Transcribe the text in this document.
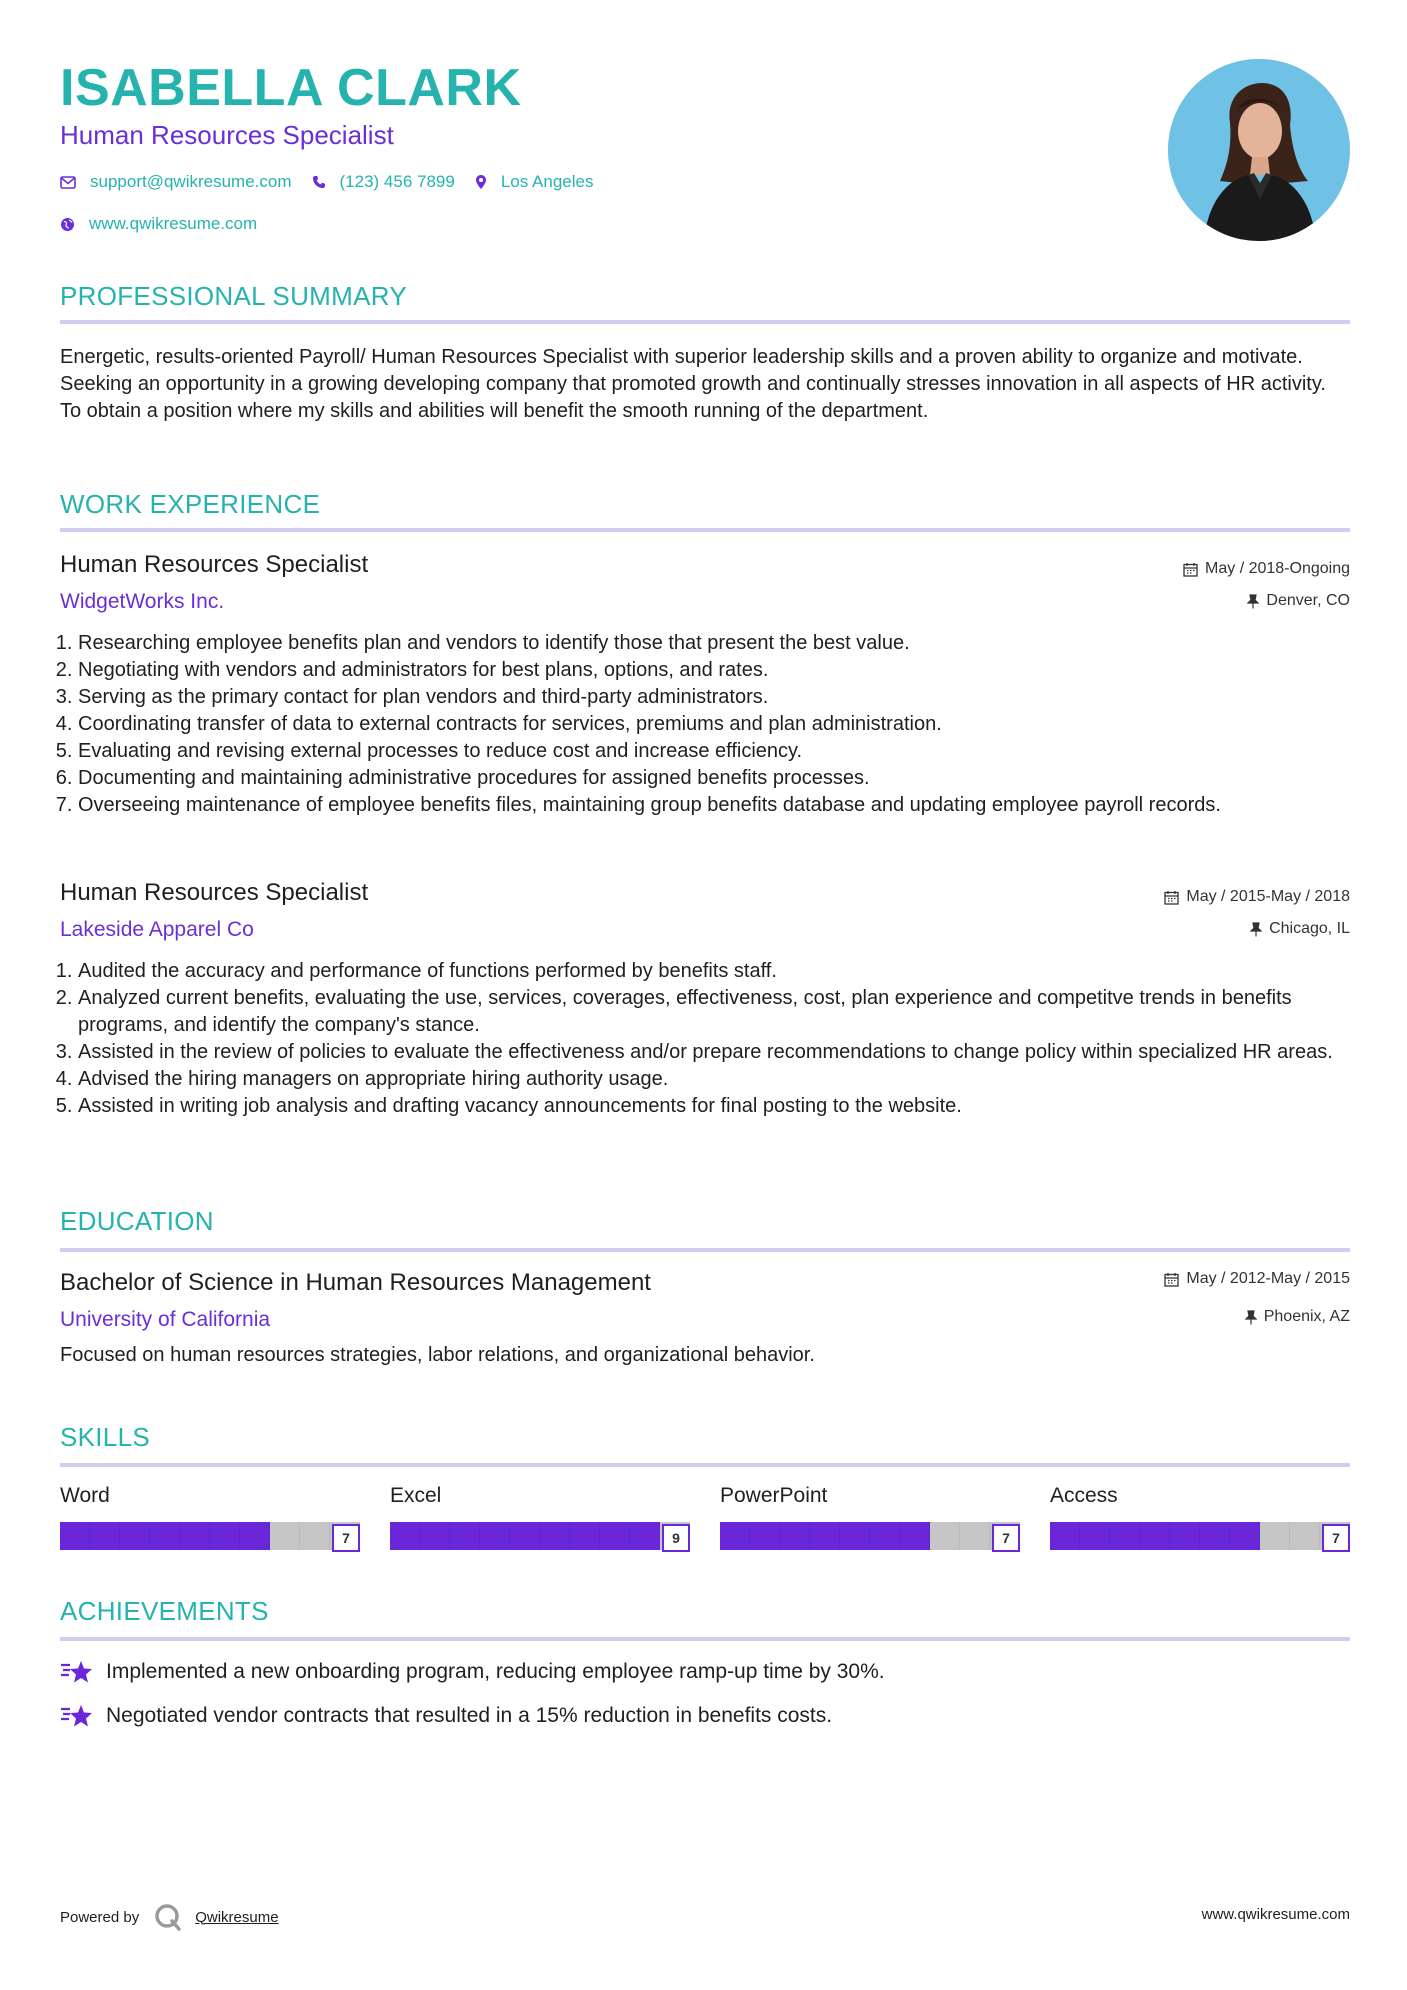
ISABELLA CLARK
Human Resources Specialist
support@qwikresume.com	(123) 456 7899	Los Angeles
www.qwikresume.com
PROFESSIONAL SUMMARY
Energetic, results-oriented Payroll/ Human Resources Specialist with superior leadership skills and a proven ability to organize and motivate. Seeking an opportunity in a growing developing company that promoted growth and continually stresses innovation in all aspects of HR activity. To obtain a position where my skills and abilities will benefit the smooth running of the department.
WORK EXPERIENCE
Human Resources Specialist
WidgetWorks Inc.
May / 2018-Ongoing
Denver, CO
1. Researching employee benefits plan and vendors to identify those that present the best value.
2. Negotiating with vendors and administrators for best plans, options, and rates.
3. Serving as the primary contact for plan vendors and third-party administrators.
4. Coordinating transfer of data to external contracts for services, premiums and plan administration.
5. Evaluating and revising external processes to reduce cost and increase efficiency.
6. Documenting and maintaining administrative procedures for assigned benefits processes.
7. Overseeing maintenance of employee benefits files, maintaining group benefits database and updating employee payroll records.
Human Resources Specialist
Lakeside Apparel Co
May / 2015-May / 2018
Chicago, IL
1. Audited the accuracy and performance of functions performed by benefits staff.
2. Analyzed current benefits, evaluating the use, services, coverages, effectiveness, cost, plan experience and competitve trends in benefits programs, and identify the company's stance.
3. Assisted in the review of policies to evaluate the effectiveness and/or prepare recommendations to change policy within specialized HR areas.
4. Advised the hiring managers on appropriate hiring authority usage.
5. Assisted in writing job analysis and drafting vacancy announcements for final posting to the website.
EDUCATION
Bachelor of Science in Human Resources Management
University of California
May / 2012-May / 2015
Phoenix, AZ
Focused on human resources strategies, labor relations, and organizational behavior.
SKILLS
Word
7
Excel
9
PowerPoint
7
Access
7
ACHIEVEMENTS
Implemented a new onboarding program, reducing employee ramp-up time by 30%.
Negotiated vendor contracts that resulted in a 15% reduction in benefits costs.
Powered by	Qwikresume	www.qwikresume.com
